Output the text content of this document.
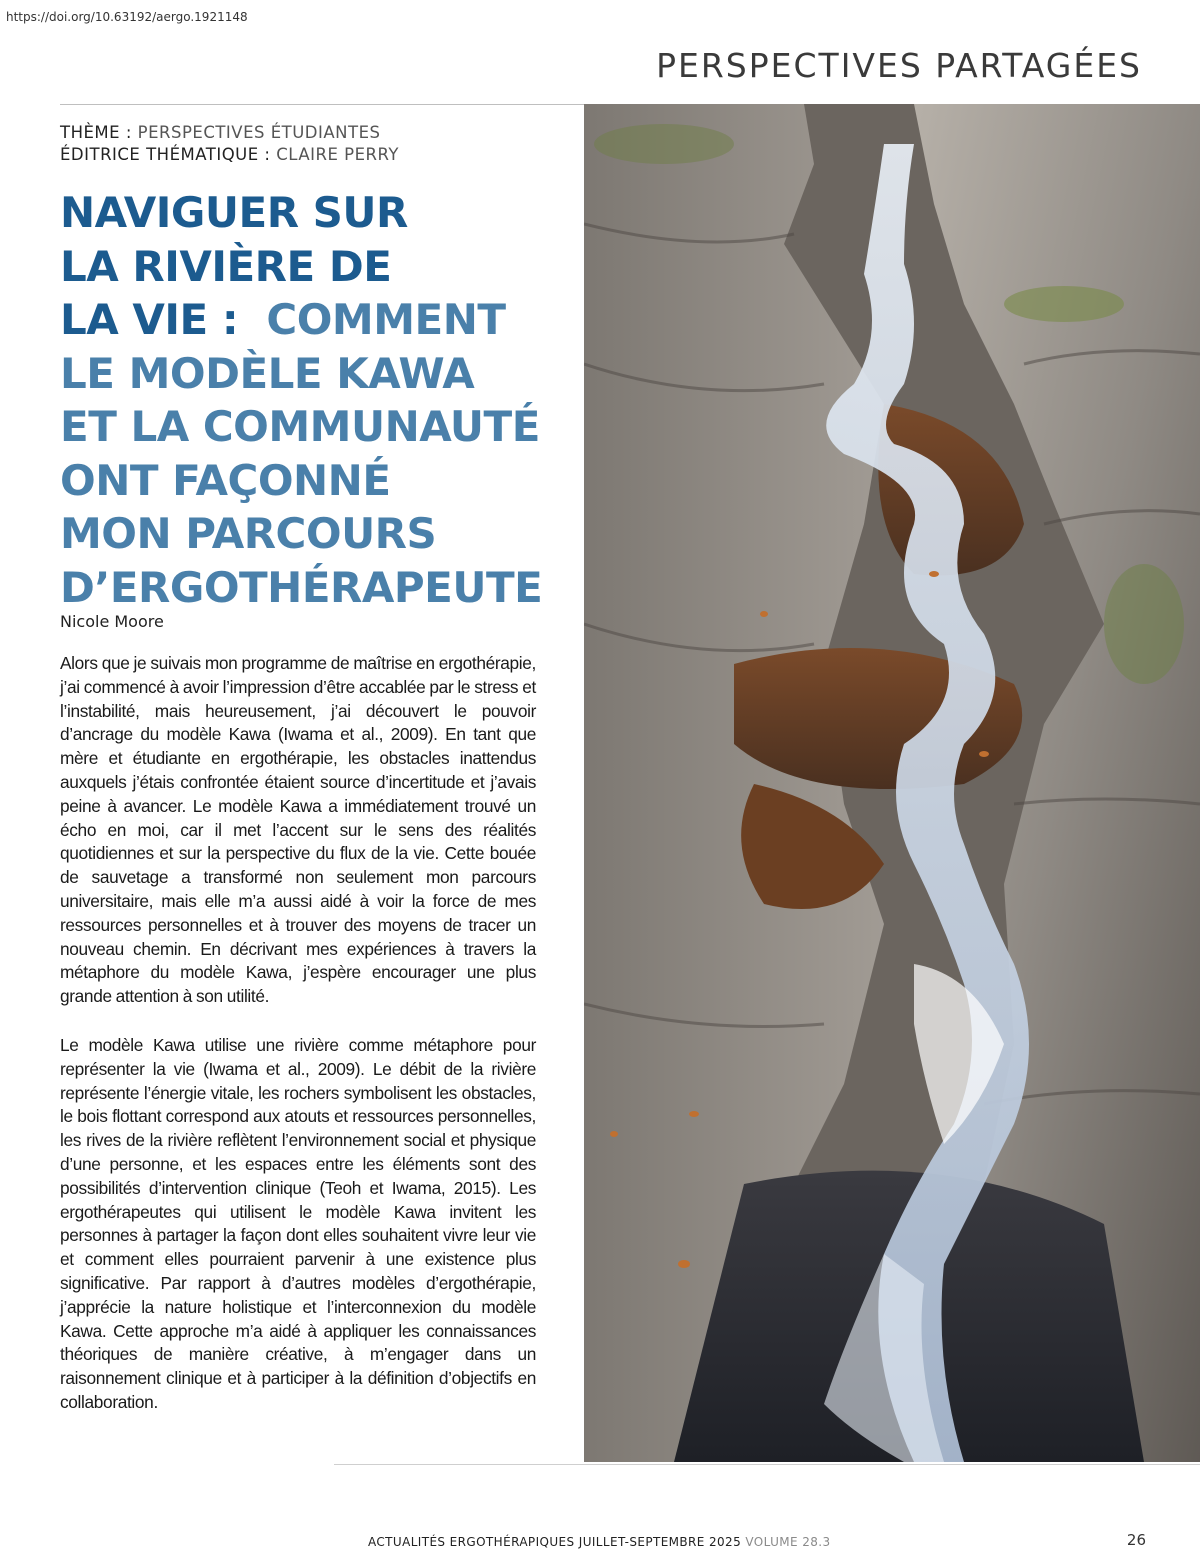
https://doi.org/10.63192/aergo.1921148
PERSPECTIVES PARTAGÉES
THÈME : PERSPECTIVES ÉTUDIANTES
ÉDITRICE THÉMATIQUE : CLAIRE PERRY
NAVIGUER SUR
LA RIVIÈRE DE
LA VIE : COMMENT
LE MODÈLE KAWA
ET LA COMMUNAUTÉ
ONT FAÇONNÉ
MON PARCOURS
D’ERGOTHÉRAPEUTE
Nicole Moore

Alors que je suivais mon programme de maîtrise en ergothérapie, j’ai commencé à avoir l’impression d’être accablée par le stress et l’instabilité, mais heureusement, j’ai découvert le pouvoir d’ancrage du modèle Kawa (Iwama et al., 2009). En tant que mère et étudiante en ergothérapie, les obstacles inattendus auxquels j’étais confrontée étaient source d’incertitude et j’avais peine à avancer. Le modèle Kawa a immédiatement trouvé un écho en moi, car il met l’accent sur le sens des réalités quotidiennes et sur la perspective du flux de la vie. Cette bouée de sauvetage a transformé non seulement mon parcours universitaire, mais elle m’a aussi aidé à voir la force de mes ressources personnelles et à trouver des moyens de tracer un nouveau chemin. En décrivant mes expériences à travers la métaphore du modèle Kawa, j’espère encourager une plus grande attention à son utilité.

Le modèle Kawa utilise une rivière comme métaphore pour représenter la vie (Iwama et al., 2009). Le débit de la rivière représente l’énergie vitale, les rochers symbolisent les obstacles, le bois flottant correspond aux atouts et ressources personnelles, les rives de la rivière reflètent l’environnement social et physique d’une personne, et les espaces entre les éléments sont des possibilités d’intervention clinique (Teoh et Iwama, 2015). Les ergothérapeutes qui utilisent le modèle Kawa invitent les personnes à partager la façon dont elles souhaitent vivre leur vie et comment elles pourraient parvenir à une existence plus significative. Par rapport à d’autres modèles d’ergothérapie, j’apprécie la nature holistique et l’interconnexion du modèle Kawa. Cette approche m’a aidé à appliquer les connaissances théoriques de manière créative, à m’engager dans un raisonnement clinique et à participer à la définition d’objectifs en collaboration.

ACTUALITÉS ERGOTHÉRAPIQUES JUILLET-SEPTEMBRE 2025 VOLUME 28.3	26
